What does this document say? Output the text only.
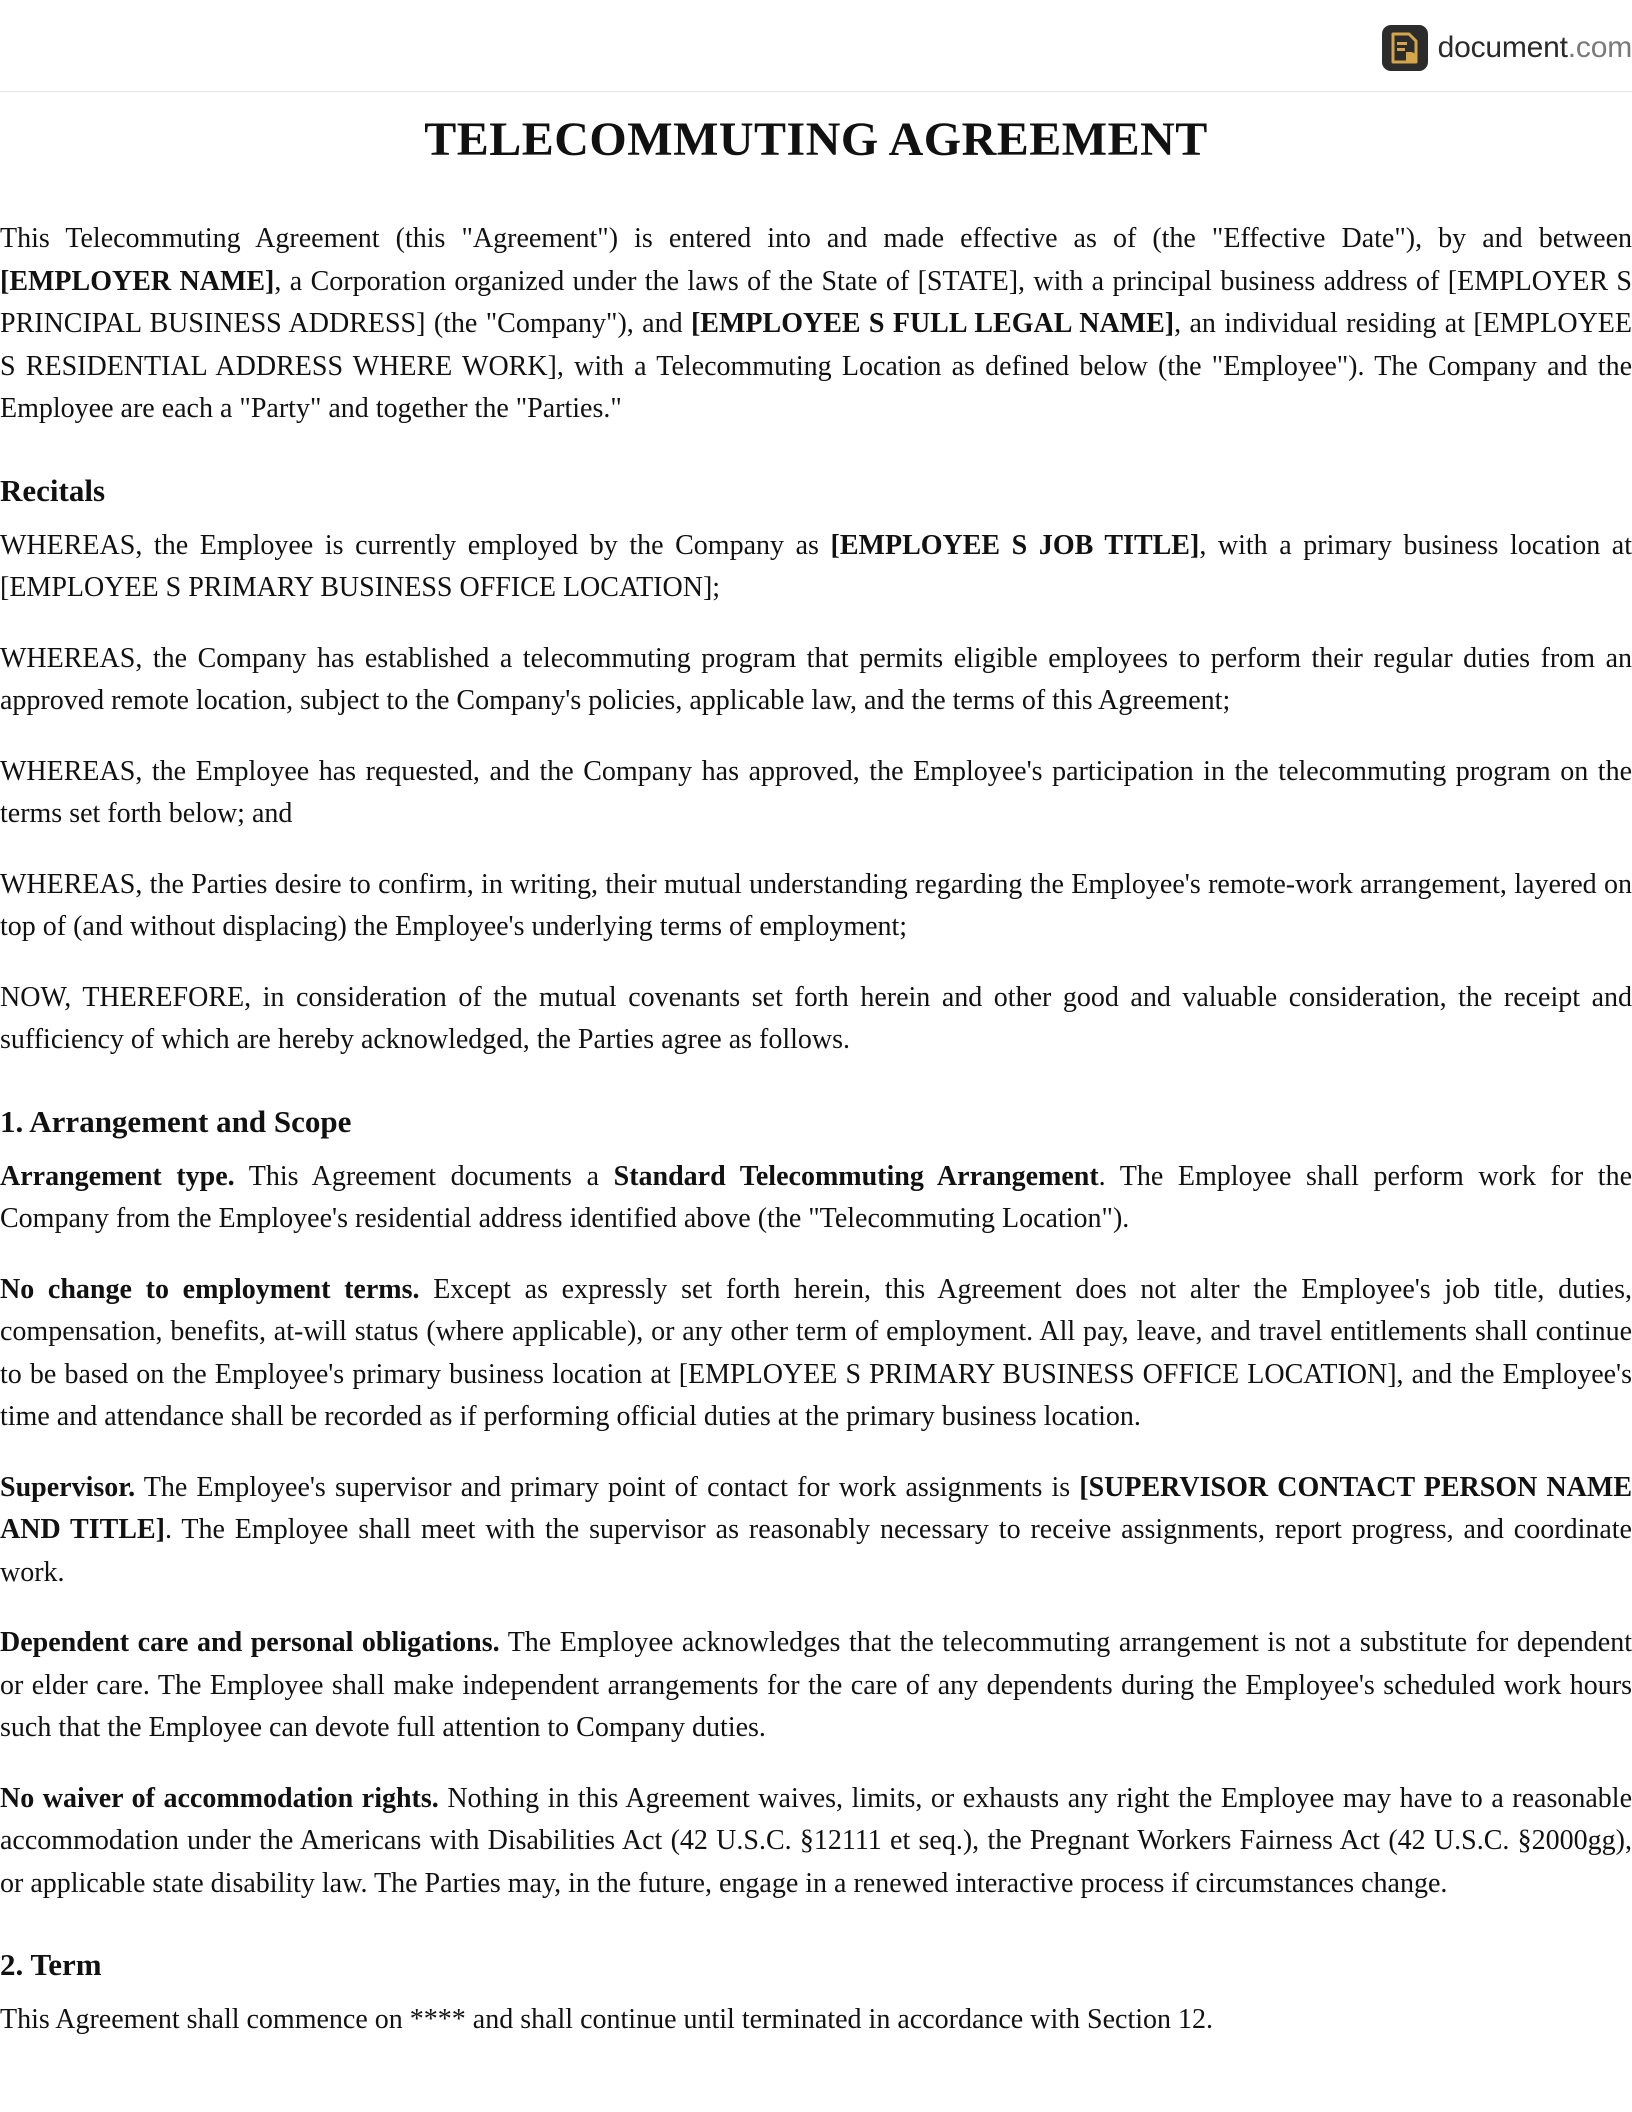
document.com
TELECOMMUTING AGREEMENT

This Telecommuting Agreement (this "Agreement") is entered into and made effective as of (the "Effective Date"), by and between [EMPLOYER NAME], a Corporation organized under the laws of the State of [STATE], with a principal business address of [EMPLOYER S PRINCIPAL BUSINESS ADDRESS] (the "Company"), and [EMPLOYEE S FULL LEGAL NAME], an individual residing at [EMPLOYEE S RESIDENTIAL ADDRESS WHERE WORK], with a Telecommuting Location as defined below (the "Employee"). The Company and the Employee are each a "Party" and together the "Parties."

Recitals

WHEREAS, the Employee is currently employed by the Company as [EMPLOYEE S JOB TITLE], with a primary business location at [EMPLOYEE S PRIMARY BUSINESS OFFICE LOCATION];

WHEREAS, the Company has established a telecommuting program that permits eligible employees to perform their regular duties from an approved remote location, subject to the Company's policies, applicable law, and the terms of this Agreement;

WHEREAS, the Employee has requested, and the Company has approved, the Employee's participation in the telecommuting program on the terms set forth below; and

WHEREAS, the Parties desire to confirm, in writing, their mutual understanding regarding the Employee's remote-work arrangement, layered on top of (and without displacing) the Employee's underlying terms of employment;

NOW, THEREFORE, in consideration of the mutual covenants set forth herein and other good and valuable consideration, the receipt and sufficiency of which are hereby acknowledged, the Parties agree as follows.

1. Arrangement and Scope

Arrangement type. This Agreement documents a Standard Telecommuting Arrangement. The Employee shall perform work for the Company from the Employee's residential address identified above (the "Telecommuting Location").

No change to employment terms. Except as expressly set forth herein, this Agreement does not alter the Employee's job title, duties, compensation, benefits, at-will status (where applicable), or any other term of employment. All pay, leave, and travel entitlements shall continue to be based on the Employee's primary business location at [EMPLOYEE S PRIMARY BUSINESS OFFICE LOCATION], and the Employee's time and attendance shall be recorded as if performing official duties at the primary business location.

Supervisor. The Employee's supervisor and primary point of contact for work assignments is [SUPERVISOR CONTACT PERSON NAME AND TITLE]. The Employee shall meet with the supervisor as reasonably necessary to receive assignments, report progress, and coordinate work.

Dependent care and personal obligations. The Employee acknowledges that the telecommuting arrangement is not a substitute for dependent or elder care. The Employee shall make independent arrangements for the care of any dependents during the Employee's scheduled work hours such that the Employee can devote full attention to Company duties.

No waiver of accommodation rights. Nothing in this Agreement waives, limits, or exhausts any right the Employee may have to a reasonable accommodation under the Americans with Disabilities Act (42 U.S.C. §12111 et seq.), the Pregnant Workers Fairness Act (42 U.S.C. §2000gg), or applicable state disability law. The Parties may, in the future, engage in a renewed interactive process if circumstances change.

2. Term

This Agreement shall commence on **** and shall continue until terminated in accordance with Section 12.
